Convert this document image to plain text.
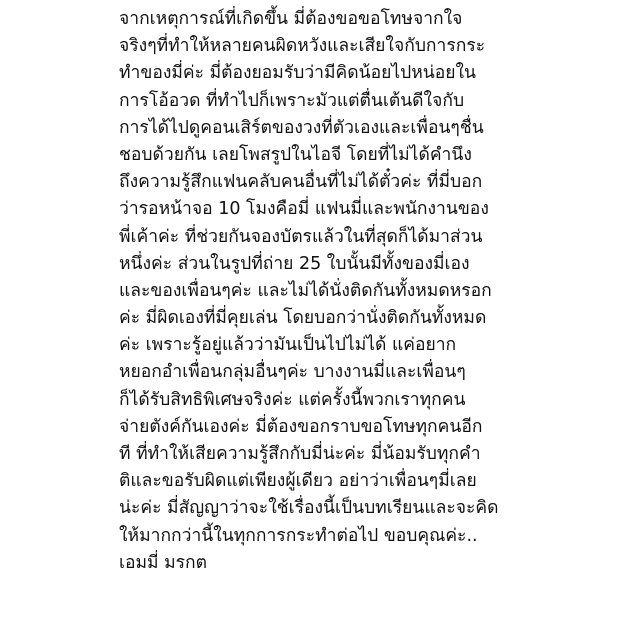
จากเหตุการณ์ที่เกิดขึ้น มี่ต้องขอขอโทษจากใจ
จริงๆที่ทำให้หลายคนผิดหวังและเสียใจกับการกระ
ทำของมี่ค่ะ มี่ต้องยอมรับว่ามีคิดน้อยไปหน่อยใน
การโอ้อวด ที่ทำไปก็เพราะมัวแต่ตื่นเต้นดีใจกับ
การได้ไปดูคอนเสิร์ตของวงที่ตัวเองและเพื่อนๆชื่น
ชอบด้วยกัน เลยโพสรูปในไอจี โดยที่ไม่ได้คำนึง
ถึงความรู้สึกแฟนคลับคนอื่นที่ไม่ได้ตั๋วค่ะ ที่มี่บอก
ว่ารอหน้าจอ 10 โมงคือมี่ แฟนมี่และพนักงานของ
พี่เค้าค่ะ ที่ช่วยกันจองบัตรแล้วในที่สุดก็ได้มาส่วน
หนึ่งค่ะ ส่วนในรูปที่ถ่าย 25 ใบนั้นมีทั้งของมี่เอง
และของเพื่อนๆค่ะ และไม่ได้นั่งติดกันทั้งหมดหรอก
ค่ะ มี่ผิดเองที่มี่คุยเล่น โดยบอกว่านั่งติดกันทั้งหมด
ค่ะ เพราะรู้อยู่แล้วว่ามันเป็นไปไม่ได้ แค่อยาก
หยอกอำเพื่อนกลุ่มอื่นๆค่ะ บางงานมี่และเพื่อนๆ
ก็ได้รับสิทธิพิเศษจริงค่ะ แต่ครั้งนี้พวกเราทุกคน
จ่ายตังค์กันเองค่ะ มี่ต้องขอกราบขอโทษทุกคนอีก
ที ที่ทำให้เสียความรู้สึกกับมี่น่ะค่ะ มี่น้อมรับทุกคำ
ติและขอรับผิดแต่เพียงผู้เดียว อย่าว่าเพื่อนๆมี่เลย
น่ะค่ะ มี่สัญญาว่าจะใช้เรื่องนี้เป็นบทเรียนและจะคิด
ให้มากกว่านี้ในทุกการกระทำต่อไป ขอบคุณค่ะ..
เอมมี่ มรกต
